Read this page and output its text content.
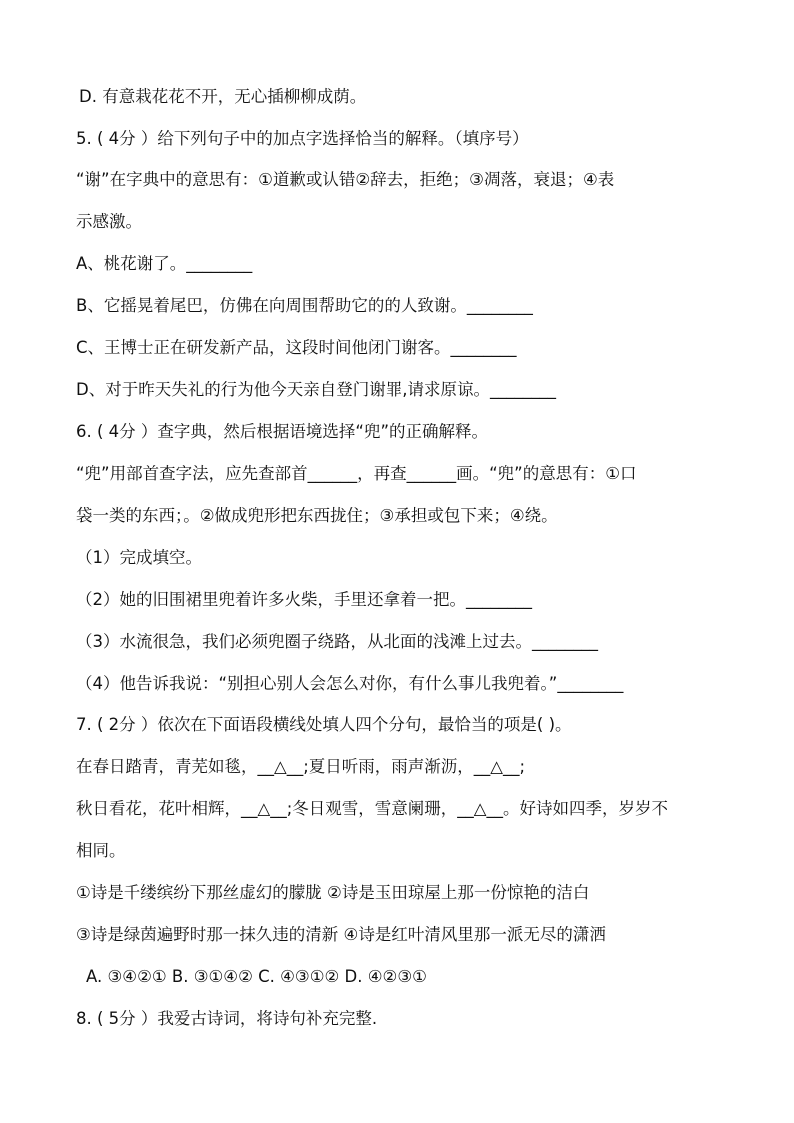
D. 有意栽花花不开，无心插柳柳成荫。
5. ( 4分 ）给下列句子中的加点字选择恰当的解释。（填序号）
“谢”在字典中的意思有：①道歉或认错②辞去，拒绝；③凋落，衰退；④表
示感激。
A、桃花谢了。________
B、它摇晃着尾巴，仿佛在向周围帮助它的的人致谢。________
C、王博士正在研发新产品，这段时间他闭门谢客。________
D、对于昨天失礼的行为他今天亲自登门谢罪,请求原谅。________
6. ( 4分 ）查字典，然后根据语境选择“兜”的正确解释。
“兜”用部首查字法，应先查部首______，再查______画。“兜”的意思有：①口
袋一类的东西；。②做成兜形把东西拢住；③承担或包下来；④绕。
（1）完成填空。
（2）她的旧围裙里兜着许多火柴，手里还拿着一把。________
（3）水流很急，我们必须兜圈子绕路，从北面的浅滩上过去。________
（4）他告诉我说：“别担心别人会怎么对你，有什么事儿我兜着。”________
7. ( 2分 ）依次在下面语段横线处填人四个分句，最恰当的项是( )。
在春日踏青，青芜如毯，__△__;夏日听雨，雨声渐沥，__△__;
秋日看花，花叶相辉，__△__;冬日观雪，雪意阑珊，__△__。好诗如四季，岁岁不
相同。
①诗是千缕缤纷下那丝虚幻的朦胧 ②诗是玉田琼屋上那一份惊艳的洁白
③诗是绿茵遍野时那一抹久违的清新 ④诗是红叶清风里那一派无尽的潇洒
A. ③④②① B. ③①④② C. ④③①② D. ④②③①
8. ( 5分 ）我爱古诗词，将诗句补充完整.
